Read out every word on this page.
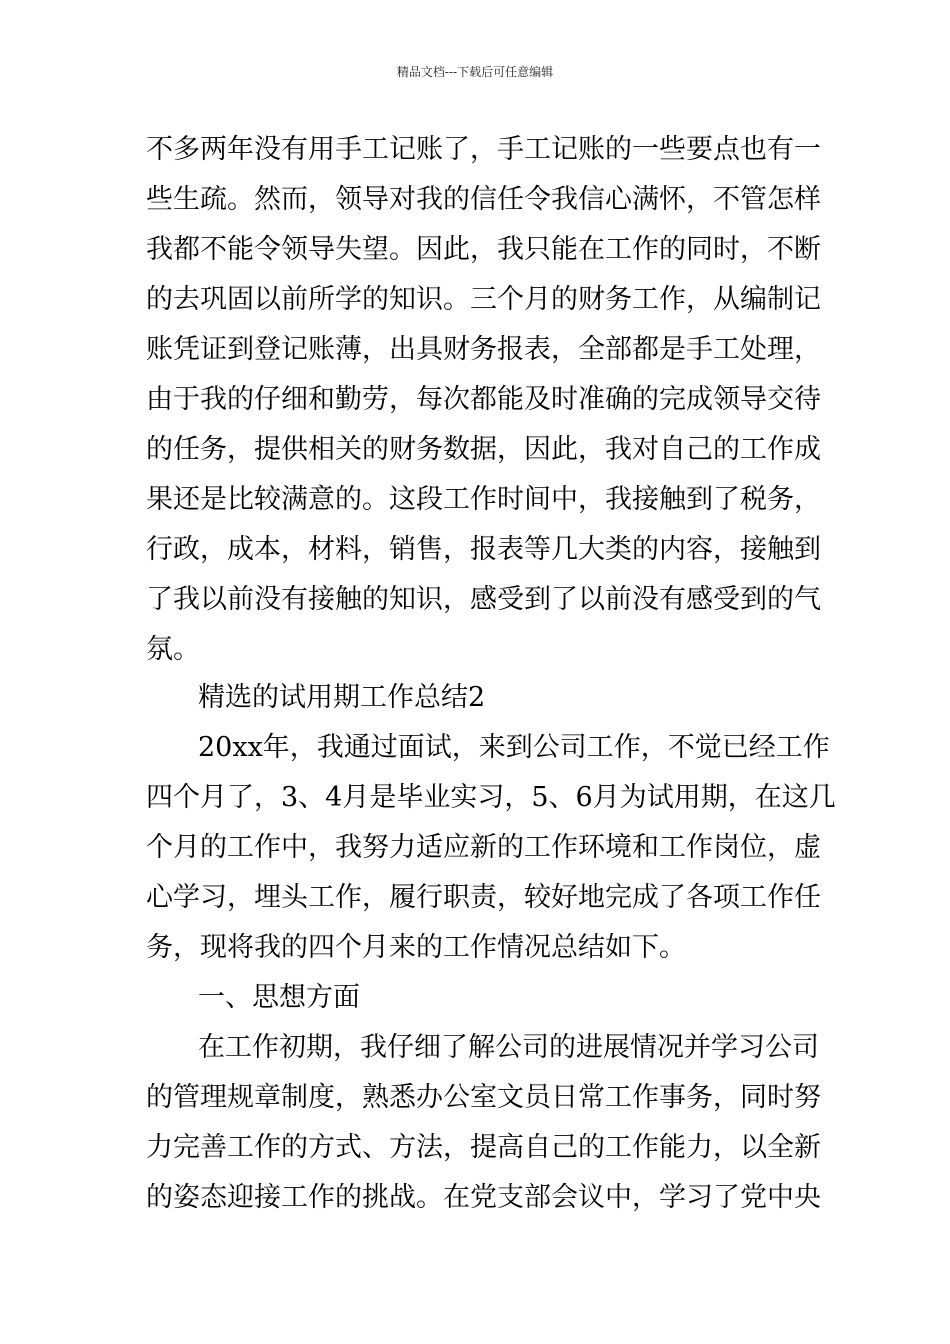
精品文档---下载后可任意编辑
不多两年没有用手工记账了，手工记账的一些要点也有一
些生疏。然而，领导对我的信任令我信心满怀，不管怎样
我都不能令领导失望。因此，我只能在工作的同时，不断
的去巩固以前所学的知识。三个月的财务工作，从编制记
账凭证到登记账薄，出具财务报表，全部都是手工处理，
由于我的仔细和勤劳，每次都能及时准确的完成领导交待
的任务，提供相关的财务数据，因此，我对自己的工作成
果还是比较满意的。这段工作时间中，我接触到了税务，
行政，成本，材料，销售，报表等几大类的内容，接触到
了我以前没有接触的知识，感受到了以前没有感受到的气
氛。
精选的试用期工作总结2
20xx年，我通过面试，来到公司工作，不觉已经工作
四个月了，3、4月是毕业实习，5、6月为试用期，在这几
个月的工作中，我努力适应新的工作环境和工作岗位，虚
心学习，埋头工作，履行职责，较好地完成了各项工作任
务，现将我的四个月来的工作情况总结如下。
一、思想方面
在工作初期，我仔细了解公司的进展情况并学习公司
的管理规章制度，熟悉办公室文员日常工作事务，同时努
力完善工作的方式、方法，提高自己的工作能力，以全新
的姿态迎接工作的挑战。在党支部会议中，学习了党中央
